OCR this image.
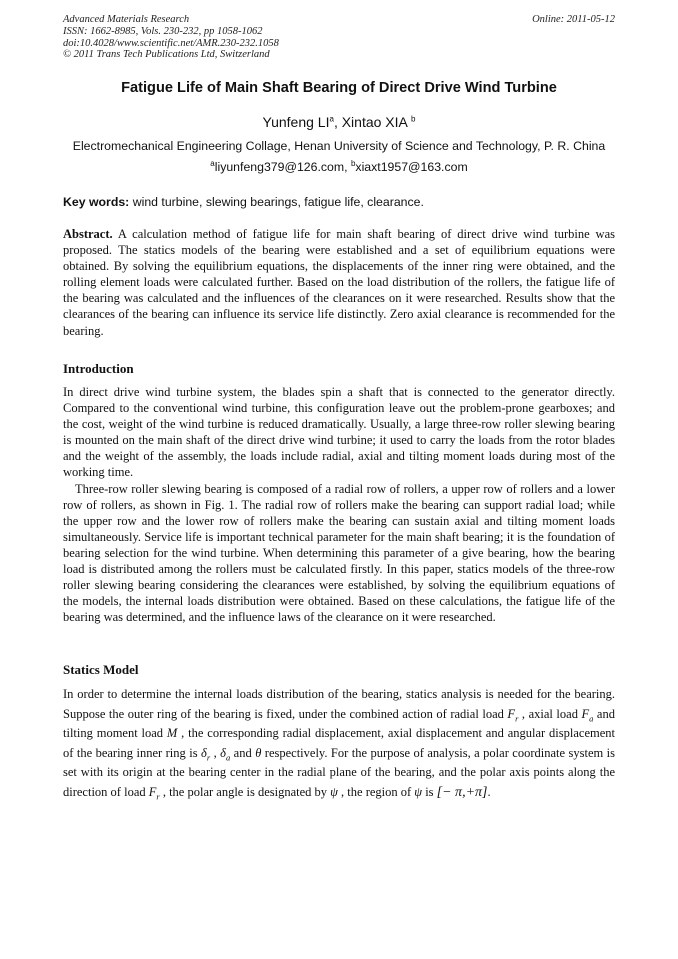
Advanced Materials Research
ISSN: 1662-8985, Vols. 230-232, pp 1058-1062
doi:10.4028/www.scientific.net/AMR.230-232.1058
© 2011 Trans Tech Publications Ltd, Switzerland
Online: 2011-05-12
Fatigue Life of Main Shaft Bearing of Direct Drive Wind Turbine
Yunfeng $LI^a$, Xintao XIA $^b$
Electromechanical Engineering Collage, Henan University of Science and Technology, P. R. China
$^a$liyunfeng379@126.com, $^b$xiaxt1957@163.com
Key words: wind turbine, slewing bearings, fatigue life, clearance.
Abstract. A calculation method of fatigue life for main shaft bearing of direct drive wind turbine was proposed. The statics models of the bearing were established and a set of equilibrium equations were obtained. By solving the equilibrium equations, the displacements of the inner ring were obtained, and the rolling element loads were calculated further. Based on the load distribution of the rollers, the fatigue life of the bearing was calculated and the influences of the clearances on it were researched. Results show that the clearances of the bearing can influence its service life distinctly. Zero axial clearance is recommended for the bearing.
Introduction

In direct drive wind turbine system, the blades spin a shaft that is connected to the generator directly. Compared to the conventional wind turbine, this configuration leave out the problem-prone gearboxes; and the cost, weight of the wind turbine is reduced dramatically. Usually, a large three-row roller slewing bearing is mounted on the main shaft of the direct drive wind turbine; it used to carry the loads from the rotor blades and the weight of the assembly, the loads include radial, axial and tilting moment loads during most of the working time.

Three-row roller slewing bearing is composed of a radial row of rollers, a upper row of rollers and a lower row of rollers, as shown in Fig. 1. The radial row of rollers make the bearing can support radial load; while the upper row and the lower row of rollers make the bearing can sustain axial and tilting moment loads simultaneously. Service life is important technical parameter for the main shaft bearing; it is the foundation of bearing selection for the wind turbine. When determining this parameter of a give bearing, how the bearing load is distributed among the rollers must be calculated firstly. In this paper, statics models of the three-row roller slewing bearing considering the clearances were established, by solving the equilibrium equations of the models, the internal loads distribution were obtained. Based on these calculations, the fatigue life of the bearing was determined, and the influence laws of the clearance on it were researched.

Statics Model
In order to determine the internal loads distribution of the bearing, statics analysis is needed for the bearing. Suppose the outer ring of the bearing is fixed, under the combined action of radial load $F_r$ , axial load $F_a$ and tilting moment load M , the corresponding radial displacement, axial displacement and angular displacement of the bearing inner ring is $\delta_r$ , $\delta_a$ and θ respectively. For the purpose of analysis, a polar coordinate system is set with its origin at the bearing center in the radial plane of the bearing, and the polar axis points along the direction of load $F_r$ , the polar angle is designated by ψ , the region of ψ is [− π,+π].
